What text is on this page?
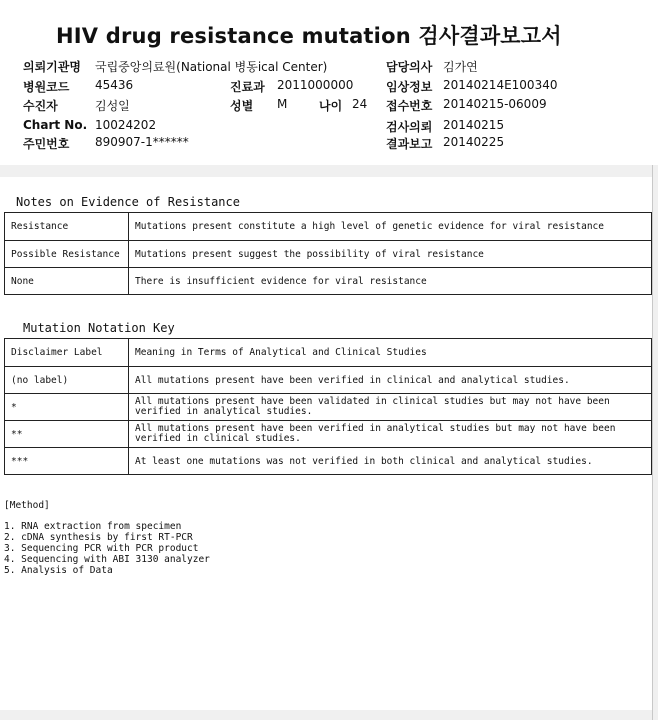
HIV drug resistance mutation 검사결과보고서
의뢰기관명 국립중앙의료원(National 병동ical Center)
병원코드 45436
수진자	김성일
Chart No. 10024202
주민번호 890907-1******
진료과 2011000000
성별 M	나이 24
담당의사 김가연
임상정보 20140214E100340
접수번호 20140215-06009
검사의뢰 20140215
결과보고 20140225
Notes on Evidence of Resistance
Resistance	Mutations present constitute a high level of genetic evidence for viral resistance
Possible Resistance	Mutations present suggest the possibility of viral resistance
None	There is insufficient evidence for viral resistance
Mutation Notation Key
Disclaimer Label	Meaning in Terms of Analytical and Clinical Studies
(no label)	All mutations present have been verified in clinical and analytical studies.
*	All mutations present have been validated in clinical studies but may not have been verified in analytical studies.
**	All mutations present have been verified in analytical studies but may not have been verified in clinical studies.
***	At least one mutations was not verified in both clinical and analytical studies.
[Method]
1. RNA extraction from specimen
2. cDNA synthesis by first RT-PCR
3. Sequencing PCR with PCR product
4. Sequencing with ABI 3130 analyzer
5. Analysis of Data
